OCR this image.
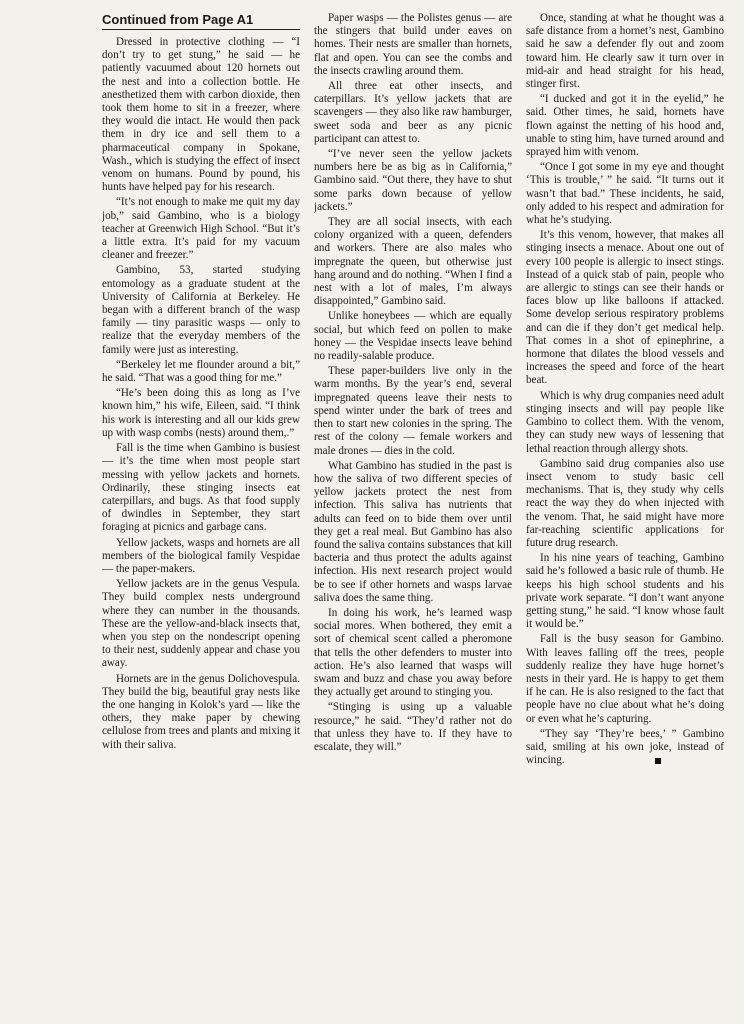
Continued from Page A1

Dressed in protective clothing — “I don’t try to get stung,” he said — he patiently vacuumed about 120 hornets out the nest and into a collection bottle. He anesthetized them with carbon dioxide, then took them home to sit in a freezer, where they would die intact. He would then pack them in dry ice and sell them to a pharmaceutical company in Spokane, Wash., which is studying the effect of insect venom on humans. Pound by pound, his hunts have helped pay for his research.

“It’s not enough to make me quit my day job,” said Gambino, who is a biology teacher at Greenwich High School. “But it’s a little extra. It’s paid for my vacuum cleaner and freezer.”

Gambino, 53, started studying entomology as a graduate student at the University of California at Berkeley. He began with a different branch of the wasp family — tiny parasitic wasps — only to realize that the everyday members of the family were just as interesting.

“Berkeley let me flounder around a bit,” he said. “That was a good thing for me.”

“He’s been doing this as long as I’ve known him,” his wife, Eileen, said. “I think his work is interesting and all our kids grew up with wasp combs (nests) around them,.”

Fall is the time when Gambino is busiest — it’s the time when most people start messing with yellow jackets and hornets. Ordinarily, these stinging insects eat caterpillars, and bugs. As that food supply of dwindles in September, they start foraging at picnics and garbage cans.

Yellow jackets, wasps and hornets are all members of the biological family Vespidae — the paper-makers.

Yellow jackets are in the genus Vespula. They build complex nests underground where they can number in the thousands. These are the yellow-and-black insects that, when you step on the nondescript opening to their nest, suddenly appear and chase you away.

Hornets are in the genus Dolichovespula. They build the big, beautiful gray nests like the one hanging in Kolok’s yard — like the others, they make paper by chewing cellulose from trees and plants and mixing it with their saliva.

Paper wasps — the Polistes genus — are the stingers that build under eaves on homes. Their nests are smaller than hornets, flat and open. You can see the combs and the insects crawling around them.

All three eat other insects, and caterpillars. It’s yellow jackets that are scavengers — they also like raw hamburger, sweet soda and beer as any picnic participant can attest to.

“I’ve never seen the yellow jackets numbers here be as big as in California,” Gambino said. “Out there, they have to shut some parks down because of yellow jackets.”

They are all social insects, with each colony organized with a queen, defenders and workers. There are also males who impregnate the queen, but otherwise just hang around and do nothing. “When I find a nest with a lot of males, I’m always disappointed,” Gambino said.

Unlike honeybees — which are equally social, but which feed on pollen to make honey — the Vespidae insects leave behind no readily-salable produce.

These paper-builders live only in the warm months. By the year’s end, several impregnated queens leave their nests to spend winter under the bark of trees and then to start new colonies in the spring. The rest of the colony — female workers and male drones — dies in the cold.

What Gambino has studied in the past is how the saliva of two different species of yellow jackets protect the nest from infection. This saliva has nutrients that adults can feed on to bide them over until they get a real meal. But Gambino has also found the saliva contains substances that kill bacteria and thus protect the adults against infection. His next research project would be to see if other hornets and wasps larvae saliva does the same thing.

In doing his work, he’s learned wasp social mores. When bothered, they emit a sort of chemical scent called a pheromone that tells the other defenders to muster into action. He’s also learned that wasps will swam and buzz and chase you away before they actually get around to stinging you.

“Stinging is using up a valuable resource,” he said. “They’d rather not do that unless they have to. If they have to escalate, they will.”

Once, standing at what he thought was a safe distance from a hornet’s nest, Gambino said he saw a defender fly out and zoom toward him. He clearly saw it turn over in mid-air and head straight for his head, stinger first.

“I ducked and got it in the eyelid,” he said. Other times, he said, hornets have flown against the netting of his hood and, unable to sting him, have turned around and sprayed him with venom.

“Once I got some in my eye and thought ‘This is trouble,’ ” he said. “It turns out it wasn’t that bad.” These incidents, he said, only added to his respect and admiration for what he’s studying.

It’s this venom, however, that makes all stinging insects a menace. About one out of every 100 people is allergic to insect stings. Instead of a quick stab of pain, people who are allergic to stings can see their hands or faces blow up like balloons if attacked. Some develop serious respiratory problems and can die if they don’t get medical help. That comes in a shot of epinephrine, a hormone that dilates the blood vessels and increases the speed and force of the heart beat.

Which is why drug companies need adult stinging insects and will pay people like Gambino to collect them. With the venom, they can study new ways of lessening that lethal reaction through allergy shots.

Gambino said drug companies also use insect venom to study basic cell mechanisms. That is, they study why cells react the way they do when injected with the venom. That, he said might have more far-reaching scientific applications for future drug research.

In his nine years of teaching, Gambino said he’s followed a basic rule of thumb. He keeps his high school students and his private work separate. “I don’t want anyone getting stung,” he said. “I know whose fault it would be.”

Fall is the busy season for Gambino. With leaves falling off the trees, people suddenly realize they have huge hornet’s nests in their yard. He is happy to get them if he can. He is also resigned to the fact that people have no clue about what he’s doing or even what he’s capturing.

“They say ‘They’re bees,’ ” Gambino said, smiling at his own joke, instead of wincing.
